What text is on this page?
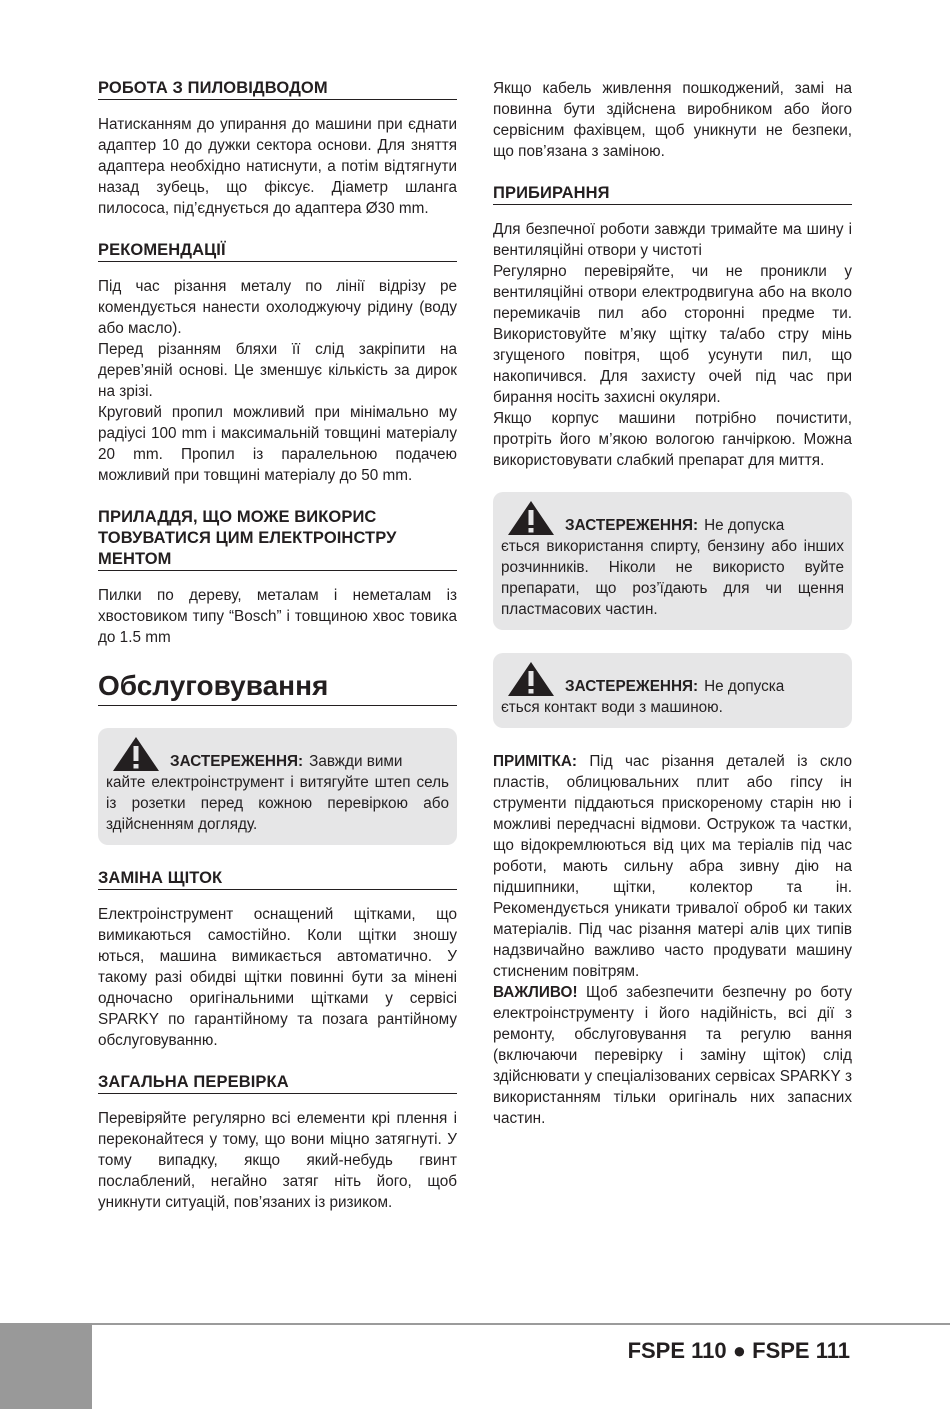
РОБОТА З ПИЛОВІДВОДОМ

Натисканням до упирання до машини при єднати адаптер 10 до дужки сектора основи. Для зняття адаптера необхідно натиснути, а потім відтягнути назад зубець, що фіксує. Діаметр шланга пилососа, під’єднується до адаптера Ø30 mm.

РЕКОМЕНДАЦІЇ

Під час різання металу по лінії відрізу ре комендується нанести охолоджуючу рідину (воду або масло).

Перед різанням бляхи її слід закріпити на дерев’яній основі. Це зменшує кількість за дирок на зрізі.

Круговий пропил можливий при мінімально му радіусі 100 mm і максимальній товщині матеріалу 20 mm. Пропил із паралельною подачею можливий при товщині матеріалу до 50 mm.

ПРИЛАДДЯ, ЩО МОЖЕ ВИКОРИС ТОВУВАТИСЯ ЦИМ ЕЛЕКТРОІНСТРУ МЕНТОМ

Пилки по дереву, металам і неметалам із хвостовиком типу “Bosch” і товщиною хвос товика до 1.5 mm

Обслуговування
ЗАСТЕРЕЖЕННЯ: Завжди вими
кайте електроінструмент і витягуйте штеп сель із розетки перед кожною перевіркою або здійсненням догляду.
ЗАМІНА ЩІТОК

Електроінструмент оснащений щітками, що вимикаються самостійно. Коли щітки зношу ються, машина вимикається автоматично. У такому разі обидві щітки повинні бути за мінені одночасно оригінальними щітками у сервісі SPARKY по гарантійному та позага рантійному обслуговуванню.

ЗАГАЛЬНА ПЕРЕВІРКА

Перевіряйте регулярно всі елементи крі плення і переконайтеся у тому, що вони міцно затягнуті. У тому випадку, якщо який-небудь гвинт послаблений, негайно затяг ніть його, щоб уникнути ситуацій, пов’язаних із ризиком.

Якщо кабель живлення пошкоджений, замі на повинна бути здійснена виробником або його сервісним фахівцем, щоб уникнути не безпеки, що пов’язана з заміною.

ПРИБИРАННЯ

Для безпечної роботи завжди тримайте ма шину і вентиляційні отвори у чистоті

Регулярно перевіряйте, чи не проникли у вентиляційні отвори електродвигуна або на вколо перемикачів пил або сторонні предме ти. Використовуйте м’яку щітку та/або стру мінь згущеного повітря, щоб усунути пил, що накопичився. Для захисту очей під час при бирання носіть захисні окуляри.

Якщо корпус машини потрібно почистити, протріть його м’якою вологою ганчіркою. Можна використовувати слабкий препарат для миття.

ЗАСТЕРЕЖЕННЯ: Не допуска
ється використання спирту, бензину або інших розчинників. Ніколи не використо вуйте препарати, що роз’їдають для чи щення пластмасових частин.
ЗАСТЕРЕЖЕННЯ: Не допуска
ється контакт води з машиною.

ПРИМІТКА: Під час різання деталей із скло пластів, облицювальних плит або гіпсу ін струменти піддаються прискореному старін ню і можливі передчасні відмови. Острукож та частки, що відокремлюються від цих ма теріалів під час роботи, мають сильну абра зивну дію на підшипники, щітки, колектор та ін. Рекомендується уникати тривалої оброб ки таких матеріалів. Під час різання матері алів цих типів надзвичайно важливо часто продувати машину стисненим повітрям.

ВАЖЛИВО! Щоб забезпечити безпечну ро боту електроінструменту і його надійність, всі дії з ремонту, обслуговування та регулю вання (включаючи перевірку і заміну щіток) слід здійснювати у спеціалізованих сервісах SPARKY з використанням тільки оригіналь них запасних частин.

FSPE 110 ● FSPE 111
